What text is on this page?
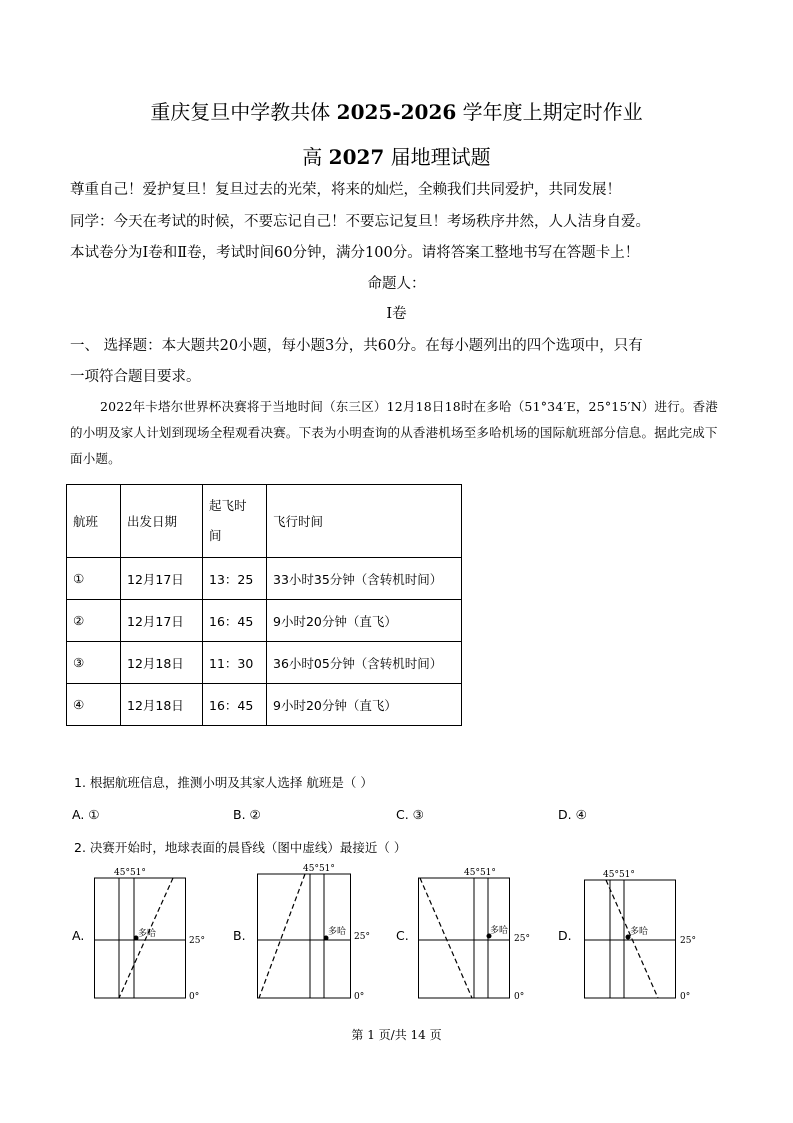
重庆复旦中学教共体 2025-2026 学年度上期定时作业
高 2027 届地理试题
尊重自己！爱护复旦！复旦过去的光荣，将来的灿烂，全赖我们共同爱护，共同发展！
同学：今天在考试的时候，不要忘记自己！不要忘记复旦！考场秩序井然，人人洁身自爱。
本试卷分为Ⅰ卷和Ⅱ卷，考试时间60分钟，满分100分。请将答案工整地书写在答题卡上！
命题人：
Ⅰ卷
一、 选择题：本大题共20小题，每小题3分，共60分。在每小题列出的四个选项中，只有
一项符合题目要求。
2022年卡塔尔世界杯决赛将于当地时间（东三区）12月18日18时在多哈（51°34′E，25°15′N）进行。香港的小明及家人计划到现场全程观看决赛。下表为小明查询的从香港机场至多哈机场的国际航班部分信息。据此完成下面小题。
航班	出发日期	起飞时间	飞行时间
①	12月17日	13：25	33小时35分钟（含转机时间）
②	12月17日	16：45	9小时20分钟（直飞）
③	12月18日	11：30	36小时05分钟（含转机时间）
④	12月18日	16：45	9小时20分钟（直飞）
1. 根据航班信息，推测小明及其家人选择 航班是（ ）
A. ①	B. ②	C. ③	D. ④
2. 决赛开始时，地球表面的晨昏线（图中虚线）最接近（ ）
A.
45°51°
多哈
25°
0°
B.
45°51°
多哈 25°
0°
C.
45°51°
多哈
25°
0°
D.
45°51°
多哈
25°
0°
第 1 页/共 14 页
